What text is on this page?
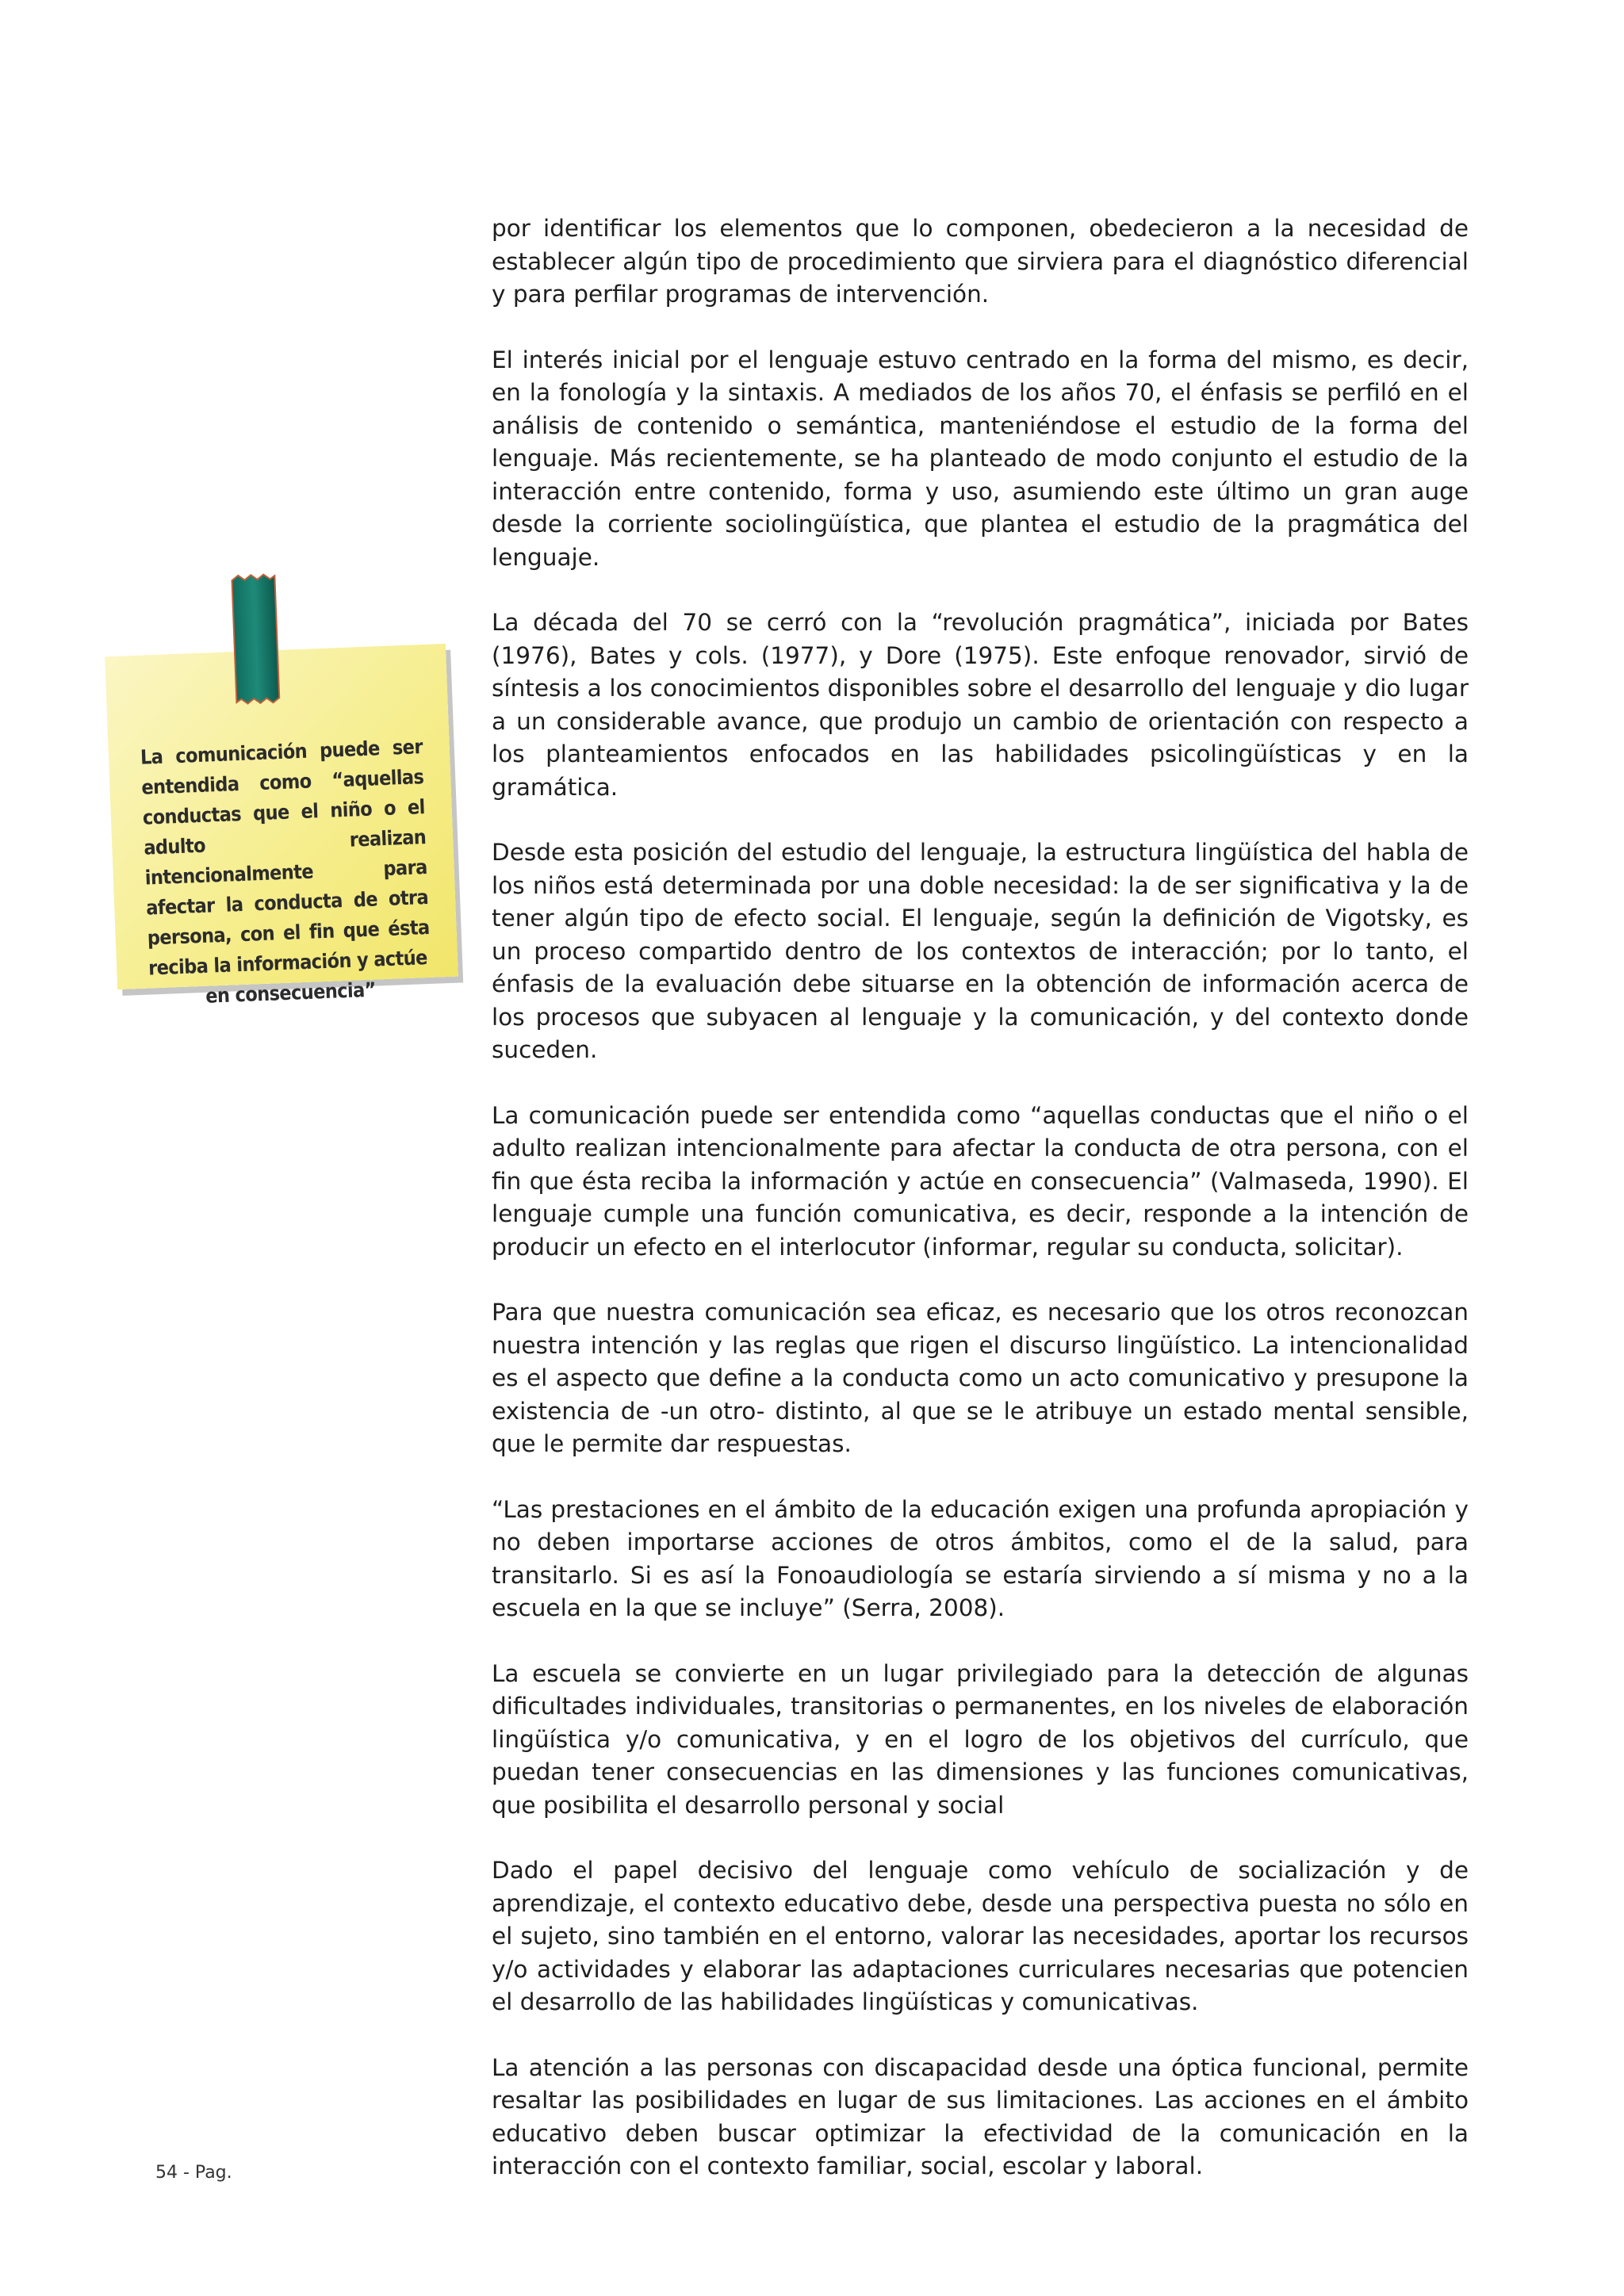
por identificar los elementos que lo componen, obedecieron a la necesidad de establecer algún tipo de procedimiento que sirviera para el diagnóstico diferencial y para perfilar programas de intervención.

El interés inicial por el lenguaje estuvo centrado en la forma del mismo, es decir, en la fonología y la sintaxis. A mediados de los años 70, el énfasis se perfiló en el análisis de contenido o semántica, manteniéndose el estudio de la forma del lenguaje. Más recientemente, se ha planteado de modo conjunto el estudio de la interacción entre contenido, forma y uso, asumiendo este último un gran auge desde la corriente sociolingüística, que plantea el estudio de la pragmática del lenguaje.

La década del 70 se cerró con la “revolución pragmática”, iniciada por Bates (1976), Bates y cols. (1977), y Dore (1975). Este enfoque renovador, sirvió de síntesis a los conocimientos disponibles sobre el desarrollo del lenguaje y dio lugar a un considerable avance, que produjo un cambio de orientación con respecto a los planteamientos enfocados en las habilidades psicolingüísticas y en la gramática.

Desde esta posición del estudio del lenguaje, la estructura lingüística del habla de los niños está determinada por una doble necesidad: la de ser significativa y la de tener algún tipo de efecto social. El lenguaje, según la definición de Vigotsky, es un proceso compartido dentro de los contextos de interacción; por lo tanto, el énfasis de la evaluación debe situarse en la obtención de información acerca de los procesos que subyacen al lenguaje y la comunicación, y del contexto donde suceden.

La comunicación puede ser entendida como “aquellas conductas que el niño o el adulto realizan intencionalmente para afectar la conducta de otra persona, con el fin que ésta reciba la información y actúe en consecuencia” (Valmaseda, 1990). El lenguaje cumple una función comunicativa, es decir, responde a la intención de producir un efecto en el interlocutor (informar, regular su conducta, solicitar).

Para que nuestra comunicación sea eficaz, es necesario que los otros reconozcan nuestra intención y las reglas que rigen el discurso lingüístico. La intencionalidad es el aspecto que define a la conducta como un acto comunicativo y presupone la existencia de -un otro- distinto, al que se le atribuye un estado mental sensible, que le permite dar respuestas.

“Las prestaciones en el ámbito de la educación exigen una profunda apropiación y no deben importarse acciones de otros ámbitos, como el de la salud, para transitarlo. Si es así la Fonoaudiología se estaría sirviendo a sí misma y no a la escuela en la que se incluye” (Serra, 2008).

La escuela se convierte en un lugar privilegiado para la detección de algunas dificultades individuales, transitorias o permanentes, en los niveles de elaboración lingüística y/o comunicativa, y en el logro de los objetivos del currículo, que puedan tener consecuencias en las dimensiones y las funciones comunicativas, que posibilita el desarrollo personal y social

Dado el papel decisivo del lenguaje como vehículo de socialización y de aprendizaje, el contexto educativo debe, desde una perspectiva puesta no sólo en el sujeto, sino también en el entorno, valorar las necesidades, aportar los recursos y/o actividades y elaborar las adaptaciones curriculares necesarias que potencien el desarrollo de las habilidades lingüísticas y comunicativas.

La atención a las personas con discapacidad desde una óptica funcional, permite resaltar las posibilidades en lugar de sus limitaciones. Las acciones en el ámbito educativo deben buscar optimizar la efectividad de la comunicación en la interacción con el contexto familiar, social, escolar y laboral.

La comunicación puede ser entendida como “aquellas conductas que el niño o el adulto realizan intencionalmente para afectar la conducta de otra persona, con el fin que ésta reciba la información y actúe
en consecuencia”
54 - Pag.
